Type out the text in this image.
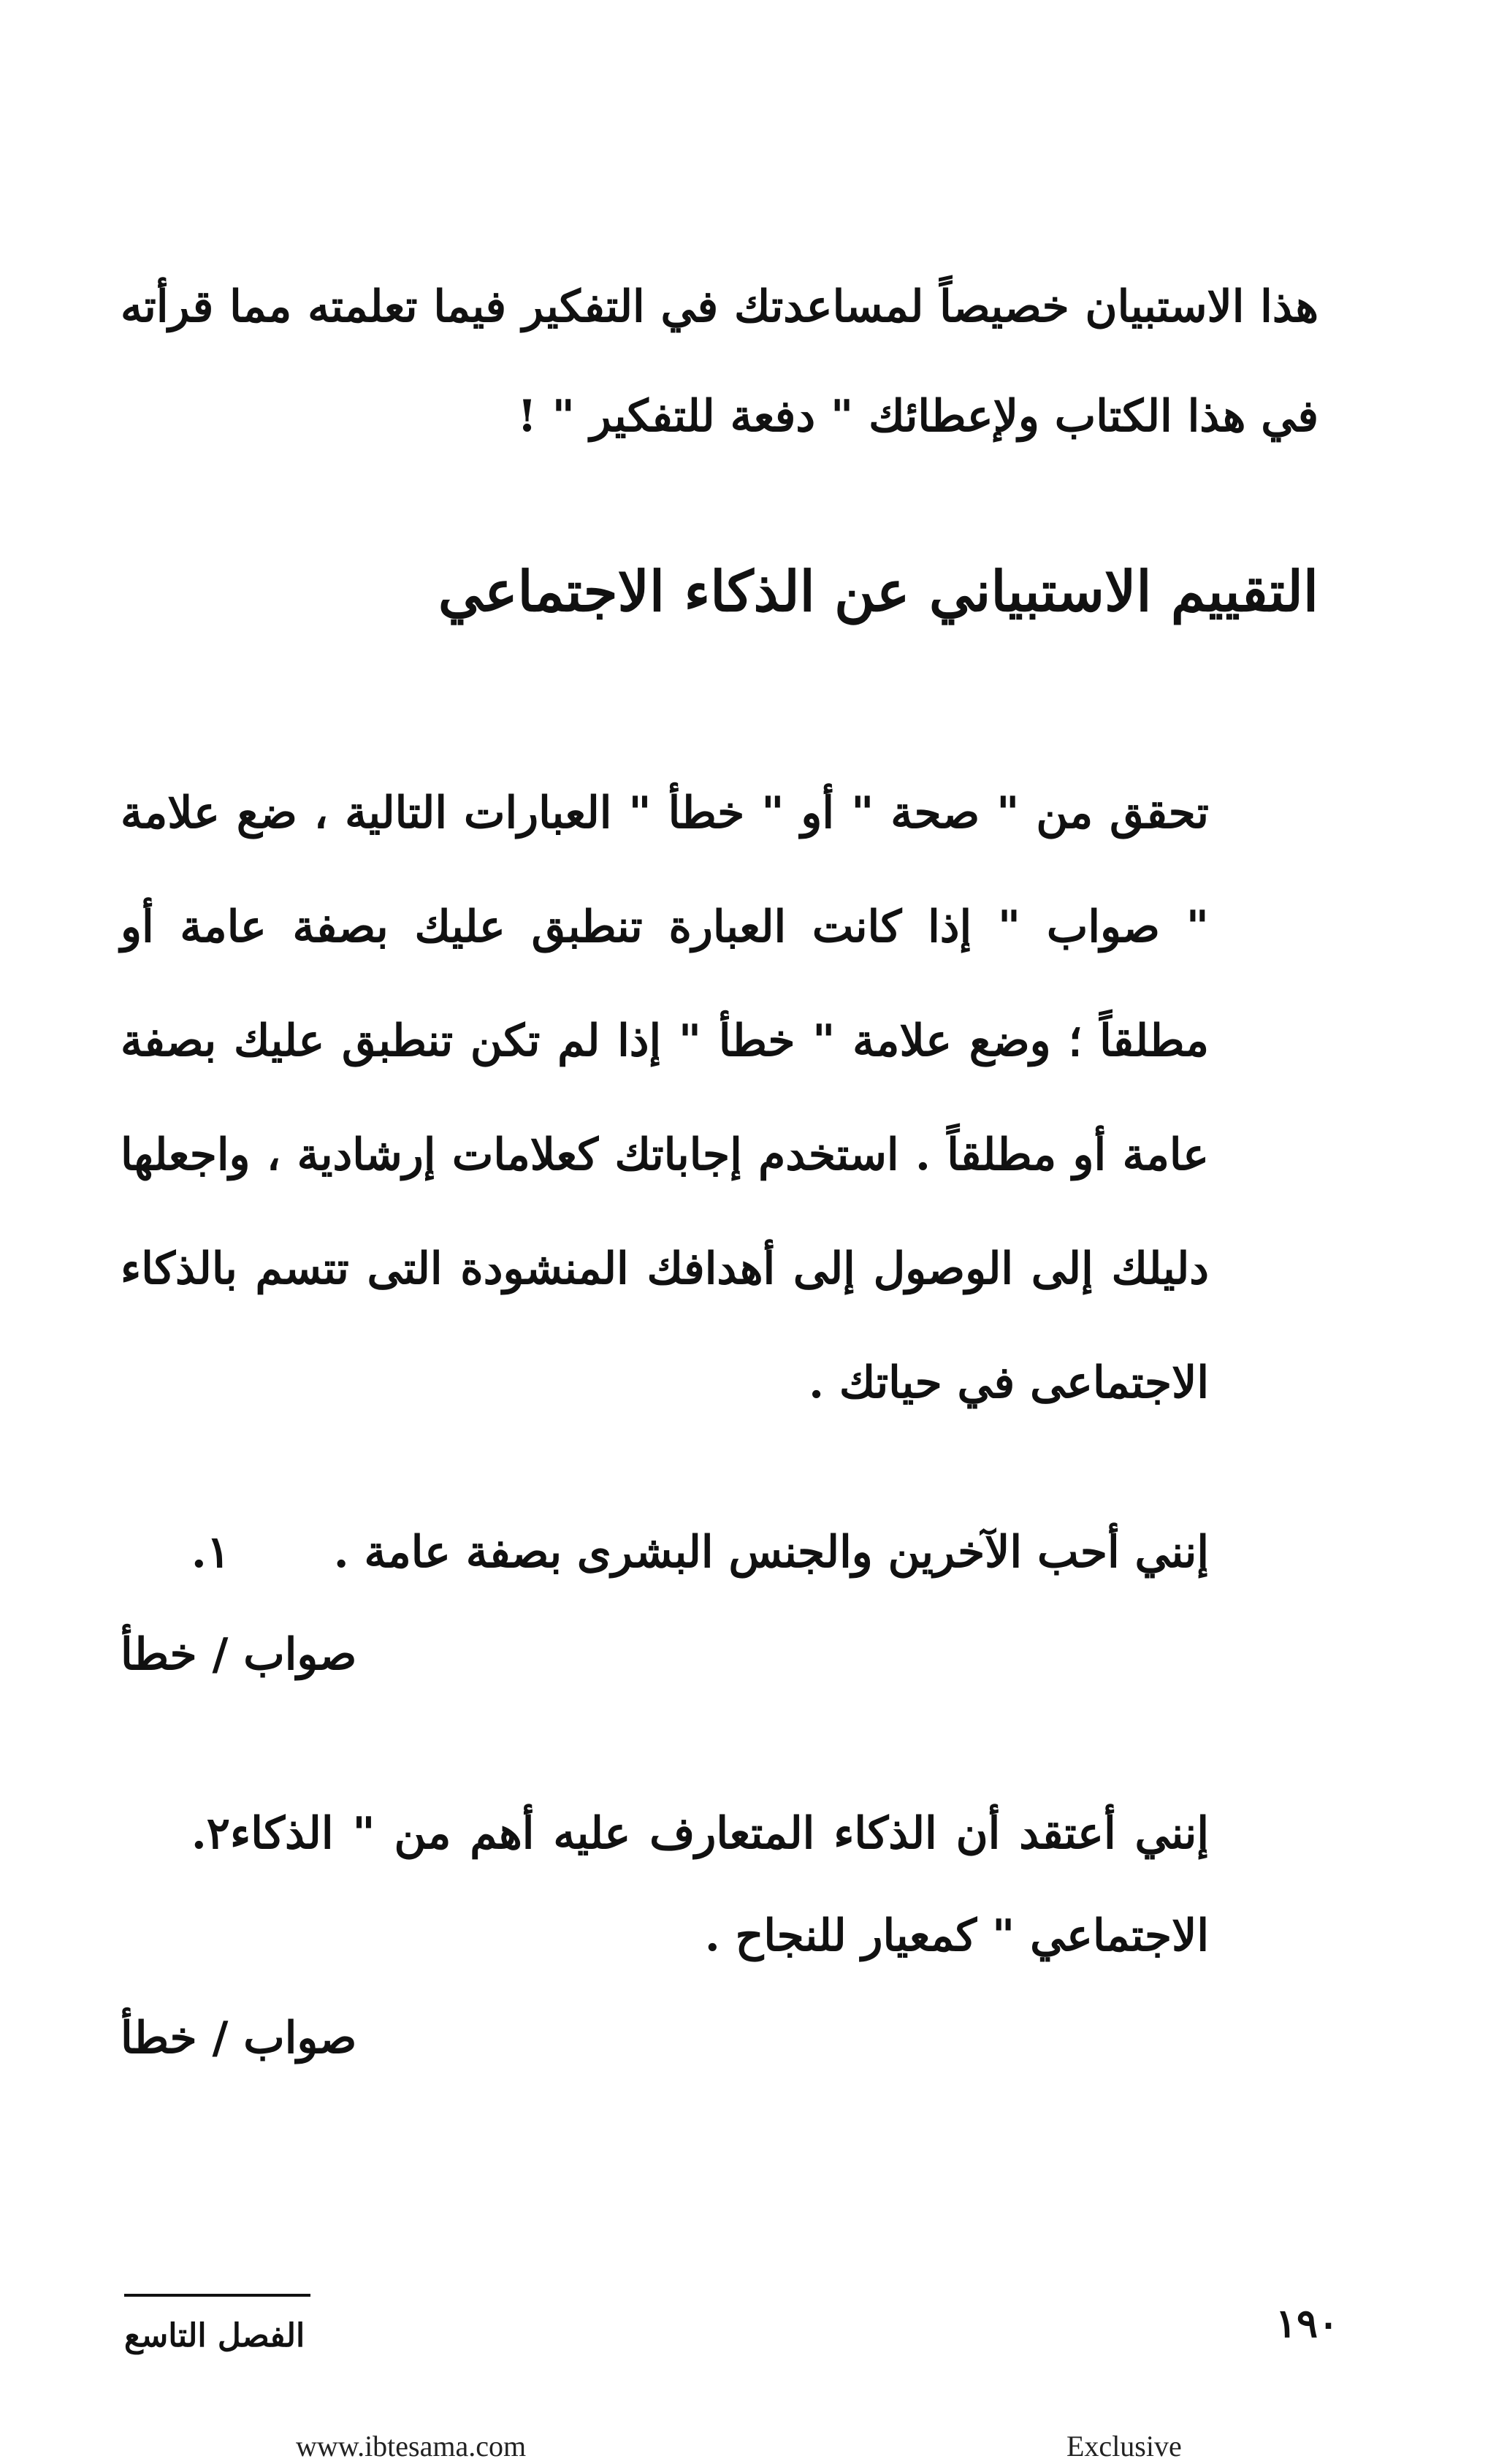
هذا الاستبيان خصيصاً لمساعدتك في التفكير فيما تعلمته مما قرأته في هذا الكتاب ولإعطائك " دفعة للتفكير " !
التقييم الاستبياني عن الذكاء الاجتماعي
تحقق من " صحة " أو " خطأ " العبارات التالية ، ضع علامة " صواب " إذا كانت العبارة تنطبق عليك بصفة عامة أو مطلقاً ؛ وضع علامة " خطأ " إذا لم تكن تنطبق عليك بصفة عامة أو مطلقاً . استخدم إجاباتك كعلامات إرشادية ، واجعلها دليلك إلى الوصول إلى أهدافك المنشودة التى تتسم بالذكاء الاجتماعى في حياتك .
١.	إنني أحب الآخرين والجنس البشرى بصفة عامة .
صواب / خطأ
٢. إنني أعتقد أن الذكاء المتعارف عليه أهم من " الذكاء الاجتماعي " كمعيار للنجاح .
صواب / خطأ
الفصل التاسع	١٩٠
www.ibtesama.com	Exclusive
